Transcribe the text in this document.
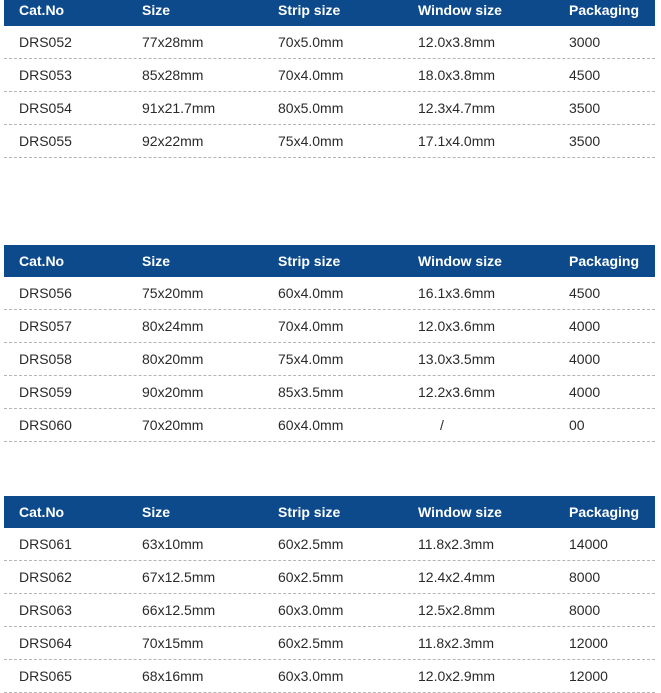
Cat.No	Size	Strip size	Window size	Packaging
DRS052	77x28mm	70x5.0mm	12.0x3.8mm	3000
DRS053	85x28mm	70x4.0mm	18.0x3.8mm	4500
DRS054	91x21.7mm	80x5.0mm	12.3x4.7mm	3500
DRS055	92x22mm	75x4.0mm	17.1x4.0mm	3500
Cat.No	Size	Strip size	Window size	Packaging
DRS056	75x20mm	60x4.0mm	16.1x3.6mm	4500
DRS057	80x24mm	70x4.0mm	12.0x3.6mm	4000
DRS058	80x20mm	75x4.0mm	13.0x3.5mm	4000
DRS059	90x20mm	85x3.5mm	12.2x3.6mm	4000
DRS060	70x20mm	60x4.0mm	/	00
Cat.No	Size	Strip size	Window size	Packaging
DRS061	63x10mm	60x2.5mm	11.8x2.3mm	14000
DRS062	67x12.5mm	60x2.5mm	12.4x2.4mm	8000
DRS063	66x12.5mm	60x3.0mm	12.5x2.8mm	8000
DRS064	70x15mm	60x2.5mm	11.8x2.3mm	12000
DRS065	68x16mm	60x3.0mm	12.0x2.9mm	12000
